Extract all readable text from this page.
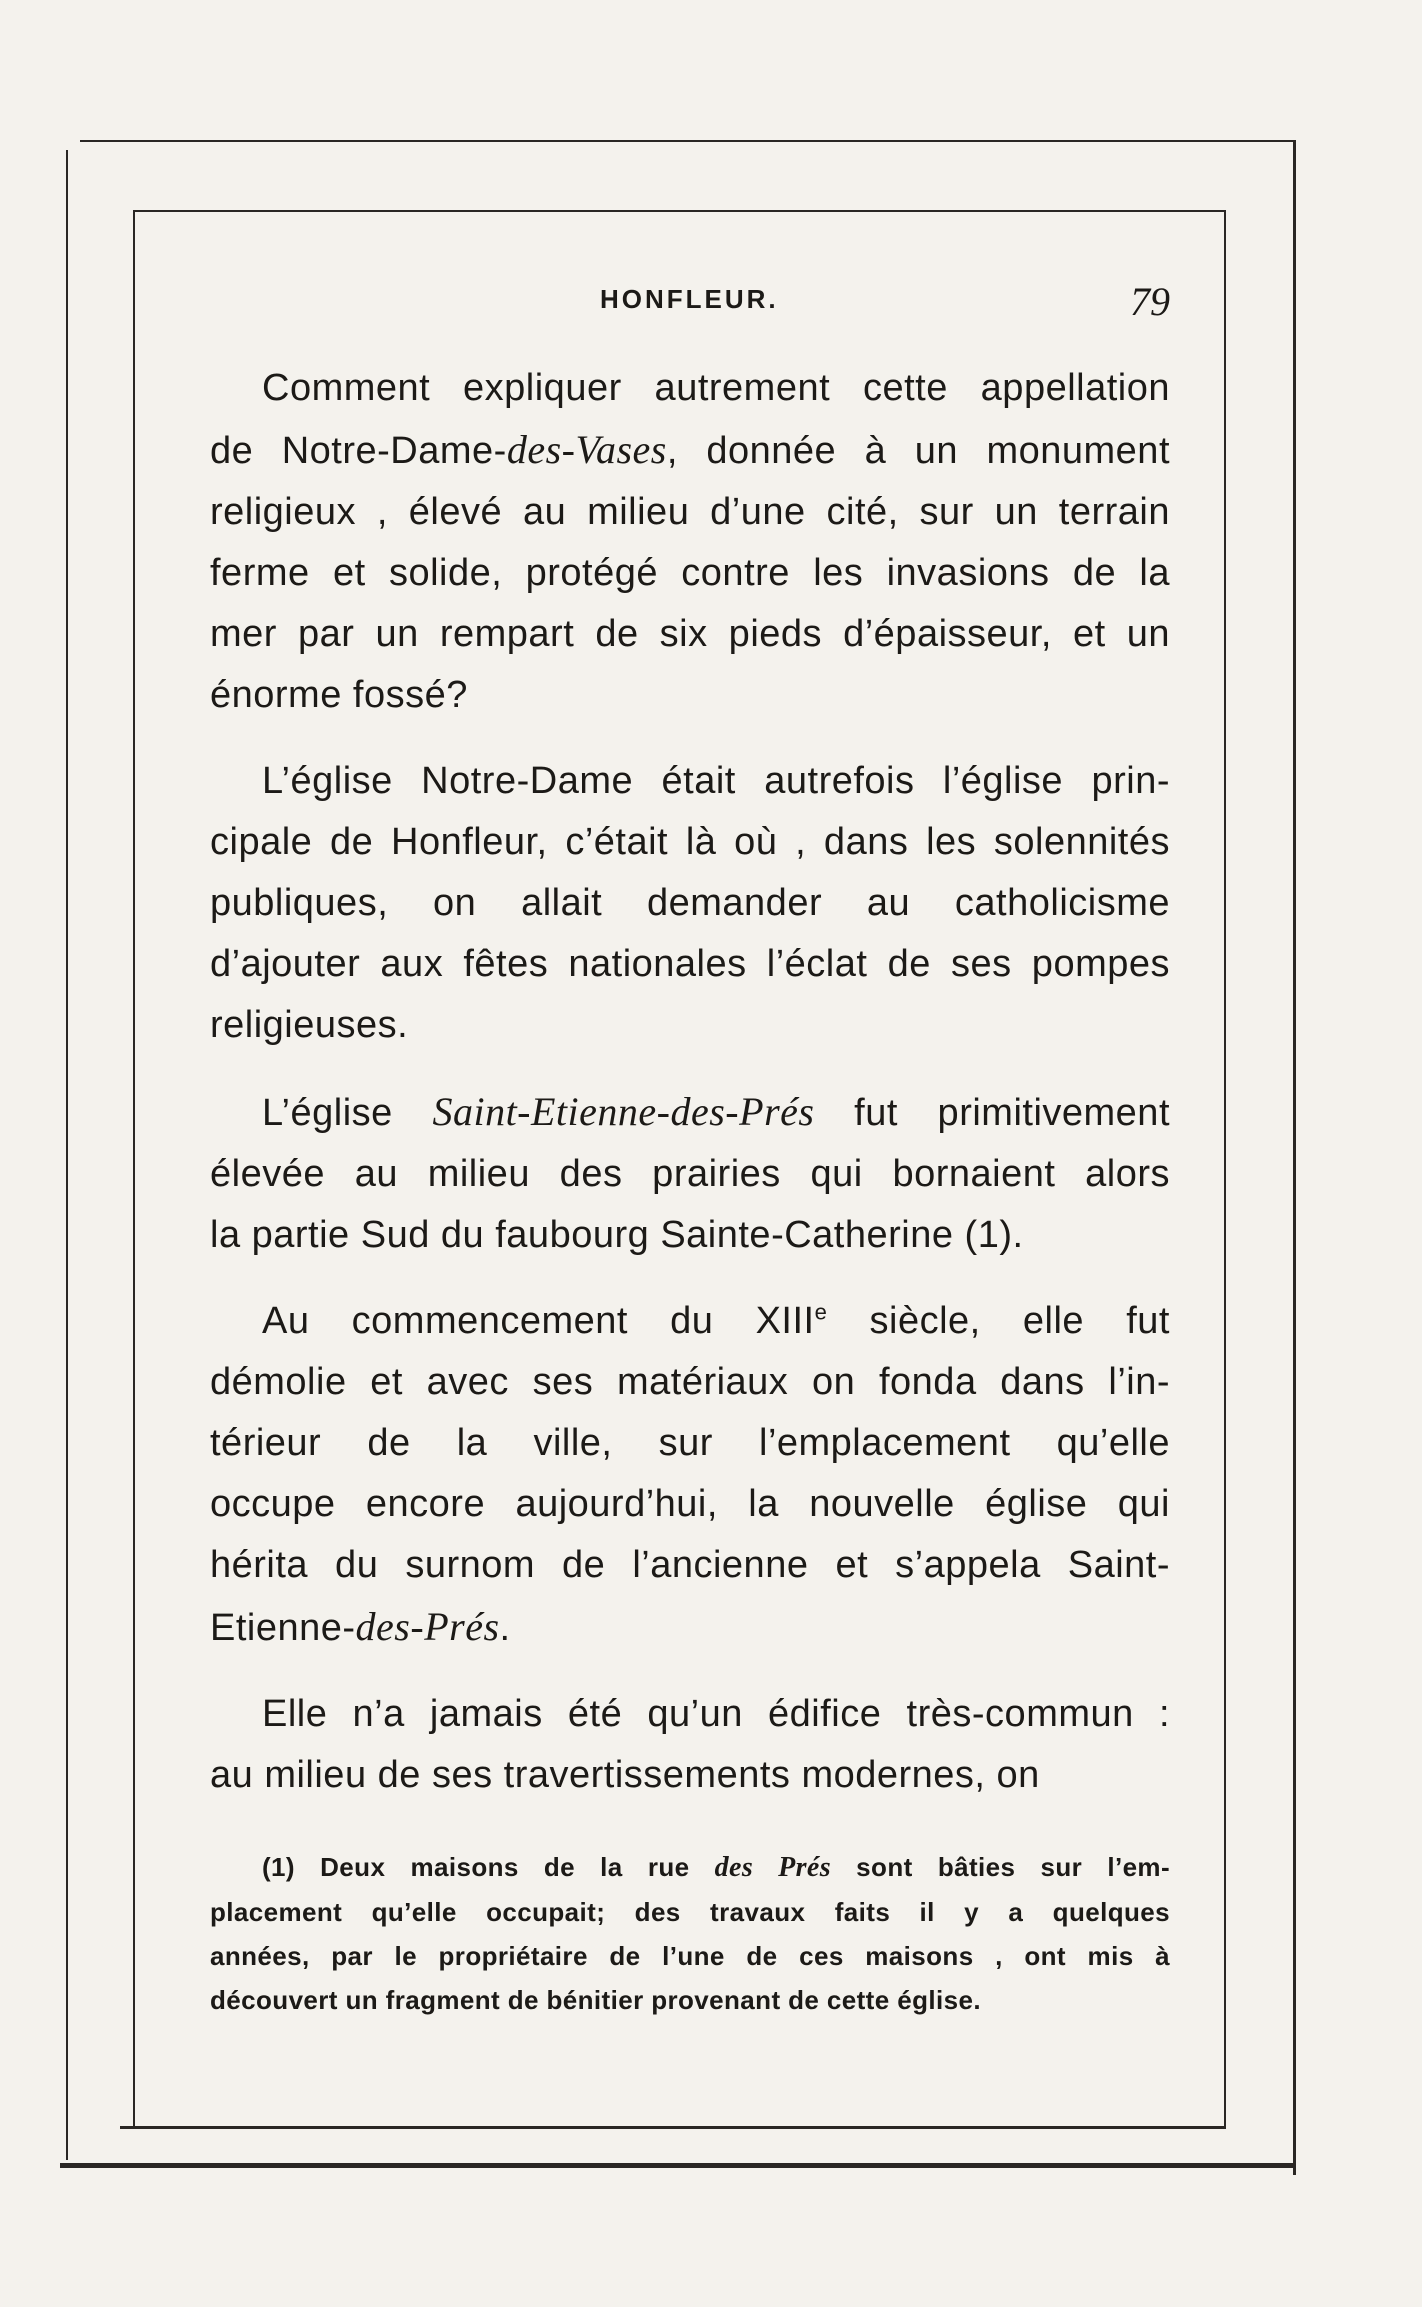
HONFLEUR.	79
Comment expliquer autrement cette appellation
de Notre-Dame-des-Vases, donnée à un monument
religieux , élevé au milieu d’une cité, sur un terrain
ferme et solide, protégé contre les invasions de la
mer par un rempart de six pieds d’épaisseur, et un
énorme fossé?
L’église Notre-Dame était autrefois l’église prin-
cipale de Honfleur, c’était là où , dans les solennités
publiques, on allait demander au catholicisme
d’ajouter aux fêtes nationales l’éclat de ses pompes
religieuses.
L’église Saint-Etienne-des-Prés fut primitivement
élevée au milieu des prairies qui bornaient alors
la partie Sud du faubourg Sainte-Catherine (1).
Au commencement du XIIIe siècle, elle fut
démolie et avec ses matériaux on fonda dans l’in-
térieur de la ville, sur l’emplacement qu’elle
occupe encore aujourd’hui, la nouvelle église qui
hérita du surnom de l’ancienne et s’appela Saint-
Etienne-des-Prés.
Elle n’a jamais été qu’un édifice très-commun :
au milieu de ses travertissements modernes, on
(1) Deux maisons de la rue des Prés sont bâties sur l’em-
placement qu’elle occupait; des travaux faits il y a quelques
années, par le propriétaire de l’une de ces maisons , ont mis à
découvert un fragment de bénitier provenant de cette église.
